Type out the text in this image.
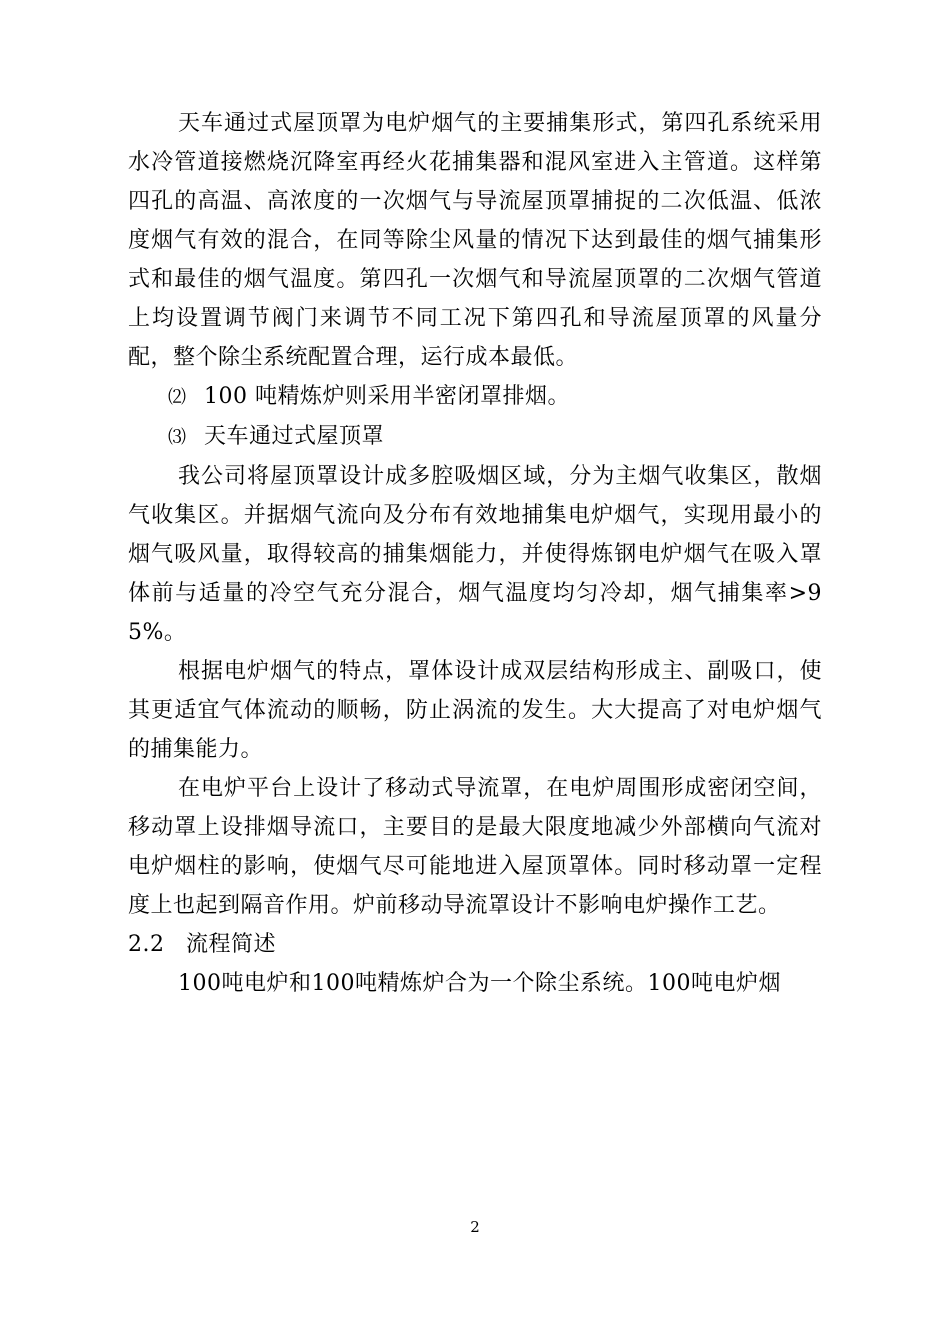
天车通过式屋顶罩为电炉烟气的主要捕集形式，第四孔系统采用水冷管道接燃烧沉降室再经火花捕集器和混风室进入主管道。这样第四孔的高温、高浓度的一次烟气与导流屋顶罩捕捉的二次低温、低浓度烟气有效的混合，在同等除尘风量的情况下达到最佳的烟气捕集形式和最佳的烟气温度。第四孔一次烟气和导流屋顶罩的二次烟气管道上均设置调节阀门来调节不同工况下第四孔和导流屋顶罩的风量分配，整个除尘系统配置合理，运行成本最低。

⑵ 100 吨精炼炉则采用半密闭罩排烟。

⑶ 天车通过式屋顶罩

我公司将屋顶罩设计成多腔吸烟区域，分为主烟气收集区，散烟气收集区。并据烟气流向及分布有效地捕集电炉烟气，实现用最小的烟气吸风量，取得较高的捕集烟能力，并使得炼钢电炉烟气在吸入罩体前与适量的冷空气充分混合，烟气温度均匀冷却，烟气捕集率>95%。

根据电炉烟气的特点，罩体设计成双层结构形成主、副吸口，使其更适宜气体流动的顺畅，防止涡流的发生。大大提高了对电炉烟气的捕集能力。

在电炉平台上设计了移动式导流罩，在电炉周围形成密闭空间，移动罩上设排烟导流口，主要目的是最大限度地减少外部横向气流对电炉烟柱的影响，使烟气尽可能地进入屋顶罩体。同时移动罩一定程度上也起到隔音作用。炉前移动导流罩设计不影响电炉操作工艺。

2.2 流程简述

100吨电炉和100吨精炼炉合为一个除尘系统。100吨电炉烟

2
